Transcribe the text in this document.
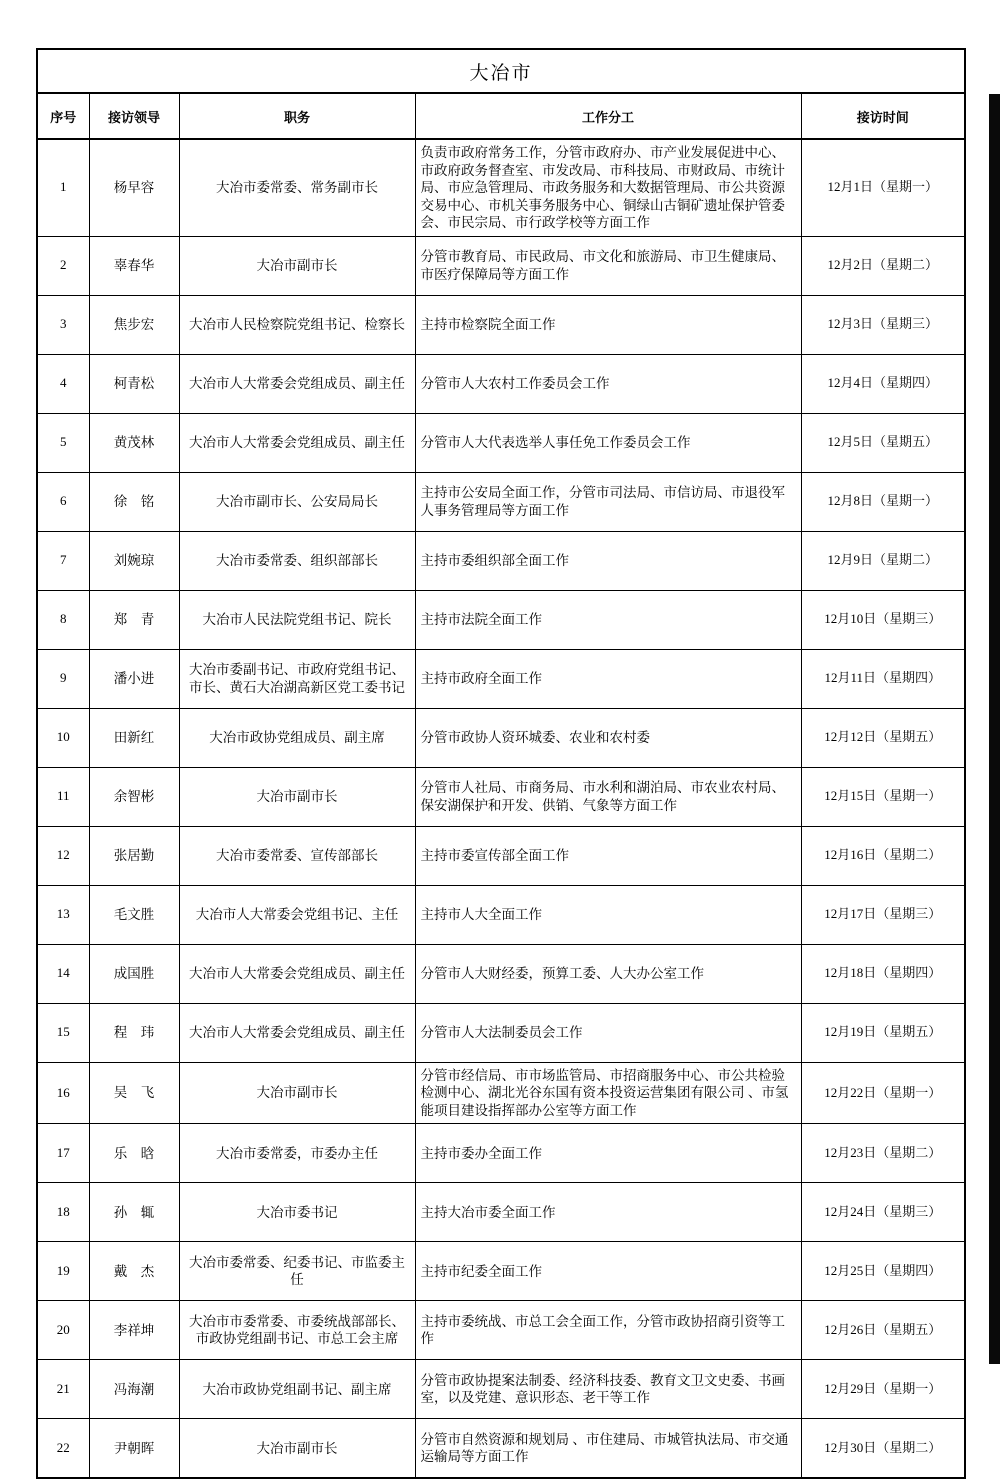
大冶市				
序号	接访领导	职务	工作分工	接访时间
1	杨早容	大冶市委常委、常务副市长	负责市政府常务工作，分管市政府办、市产业发展促进中心、市政府政务督查室、市发改局、市科技局、市财政局、市统计局、市应急管理局、市政务服务和大数据管理局、市公共资源交易中心、市机关事务服务中心、铜绿山古铜矿遗址保护管委会、市民宗局、市行政学校等方面工作	12月1日（星期一）
2	辜春华	大冶市副市长	分管市教育局、市民政局、市文化和旅游局、市卫生健康局、市医疗保障局等方面工作	12月2日（星期二）
3	焦步宏	大冶市人民检察院党组书记、检察长	主持市检察院全面工作	12月3日（星期三）
4	柯青松	大冶市人大常委会党组成员、副主任	分管市人大农村工作委员会工作	12月4日（星期四）
5	黄茂林	大冶市人大常委会党组成员、副主任	分管市人大代表选举人事任免工作委员会工作	12月5日（星期五）
6	徐　铭	大冶市副市长、公安局局长	主持市公安局全面工作，分管市司法局、市信访局、市退役军人事务管理局等方面工作	12月8日（星期一）
7	刘婉琼	大冶市委常委、组织部部长	主持市委组织部全面工作	12月9日（星期二）
8	郑　青	大冶市人民法院党组书记、院长	主持市法院全面工作	12月10日（星期三）
9	潘小进	大冶市委副书记、市政府党组书记、市长、黄石大冶湖高新区党工委书记	主持市政府全面工作	12月11日（星期四）
10	田新红	大冶市政协党组成员、副主席	分管市政协人资环城委、农业和农村委	12月12日（星期五）
11	余智彬	大冶市副市长	分管市人社局、市商务局、市水利和湖泊局、市农业农村局、保安湖保护和开发、供销、气象等方面工作	12月15日（星期一）
12	张居勤	大冶市委常委、宣传部部长	主持市委宣传部全面工作	12月16日（星期二）
13	毛文胜	大冶市人大常委会党组书记、主任	主持市人大全面工作	12月17日（星期三）
14	成国胜	大冶市人大常委会党组成员、副主任	分管市人大财经委，预算工委、人大办公室工作	12月18日（星期四）
15	程　玮	大冶市人大常委会党组成员、副主任	分管市人大法制委员会工作	12月19日（星期五）
16	吴　飞	大冶市副市长	分管市经信局、市市场监管局、市招商服务中心、市公共检验检测中心、湖北光谷东国有资本投资运营集团有限公司 、市氢能项目建设指挥部办公室等方面工作	12月22日（星期一）
17	乐　晗	大冶市委常委，市委办主任	主持市委办全面工作	12月23日（星期二）
18	孙　辄	大冶市委书记	主持大冶市委全面工作	12月24日（星期三）
19	戴　杰	大冶市委常委、纪委书记、市监委主任	主持市纪委全面工作	12月25日（星期四）
20	李祥坤	大冶市市委常委、市委统战部部长、市政协党组副书记、市总工会主席	主持市委统战、市总工会全面工作，分管市政协招商引资等工作	12月26日（星期五）
21	冯海潮	大冶市政协党组副书记、副主席	分管市政协提案法制委、经济科技委、教育文卫文史委、书画室，以及党建、意识形态、老干等工作	12月29日（星期一）
22	尹朝晖	大冶市副市长	分管市自然资源和规划局 、市住建局、市城管执法局、市交通运输局等方面工作	12月30日（星期二）
